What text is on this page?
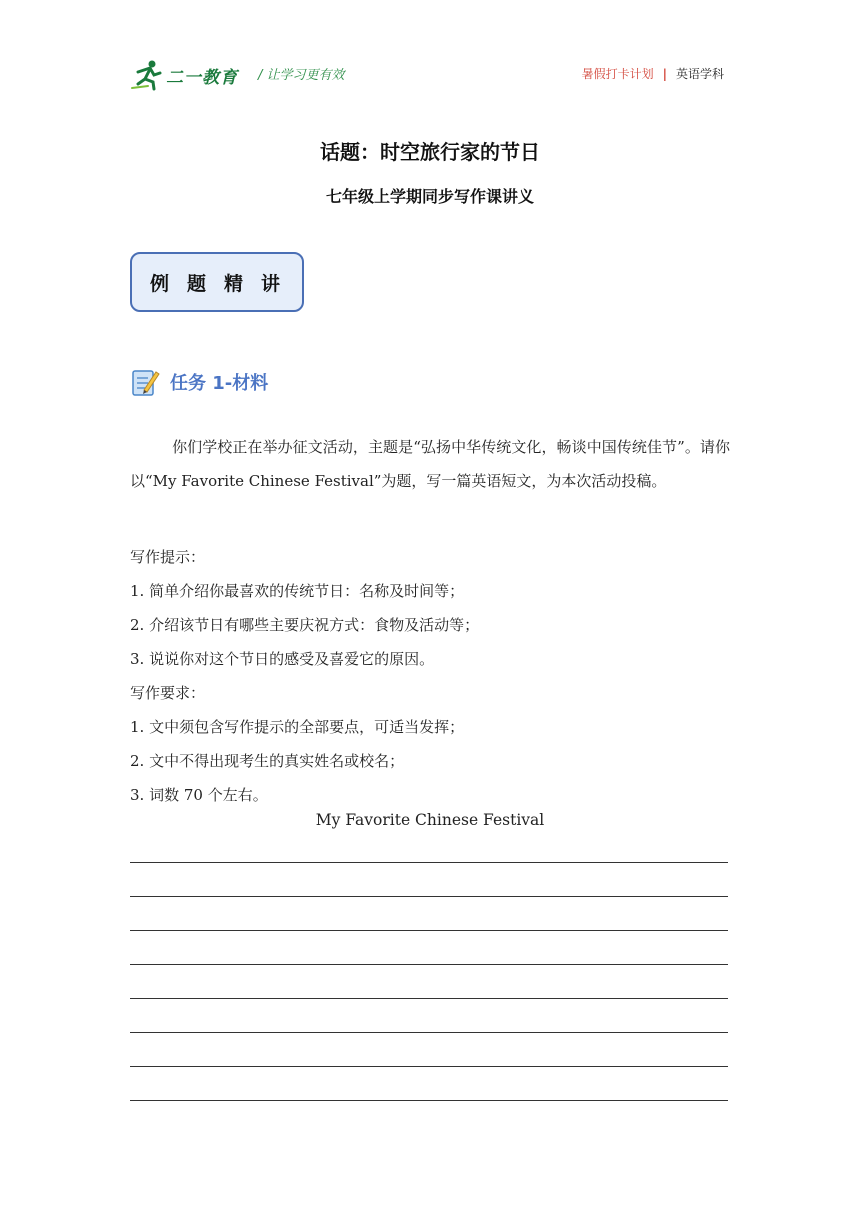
二一教育 / 让学习更有效	暑假打卡计划 | 英语学科
话题：时空旅行家的节日
七年级上学期同步写作课讲义
例题精讲
任务 1-材料
你们学校正在举办征文活动，主题是“弘扬中华传统文化，畅谈中国传统佳节”。请你以“My Favorite Chinese Festival”为题，写一篇英语短文，为本次活动投稿。
写作提示：
1. 简单介绍你最喜欢的传统节日：名称及时间等；
2. 介绍该节日有哪些主要庆祝方式：食物及活动等；
3. 说说你对这个节日的感受及喜爱它的原因。
写作要求：
1. 文中须包含写作提示的全部要点，可适当发挥；
2. 文中不得出现考生的真实姓名或校名；
3. 词数 70 个左右。
My Favorite Chinese Festival
